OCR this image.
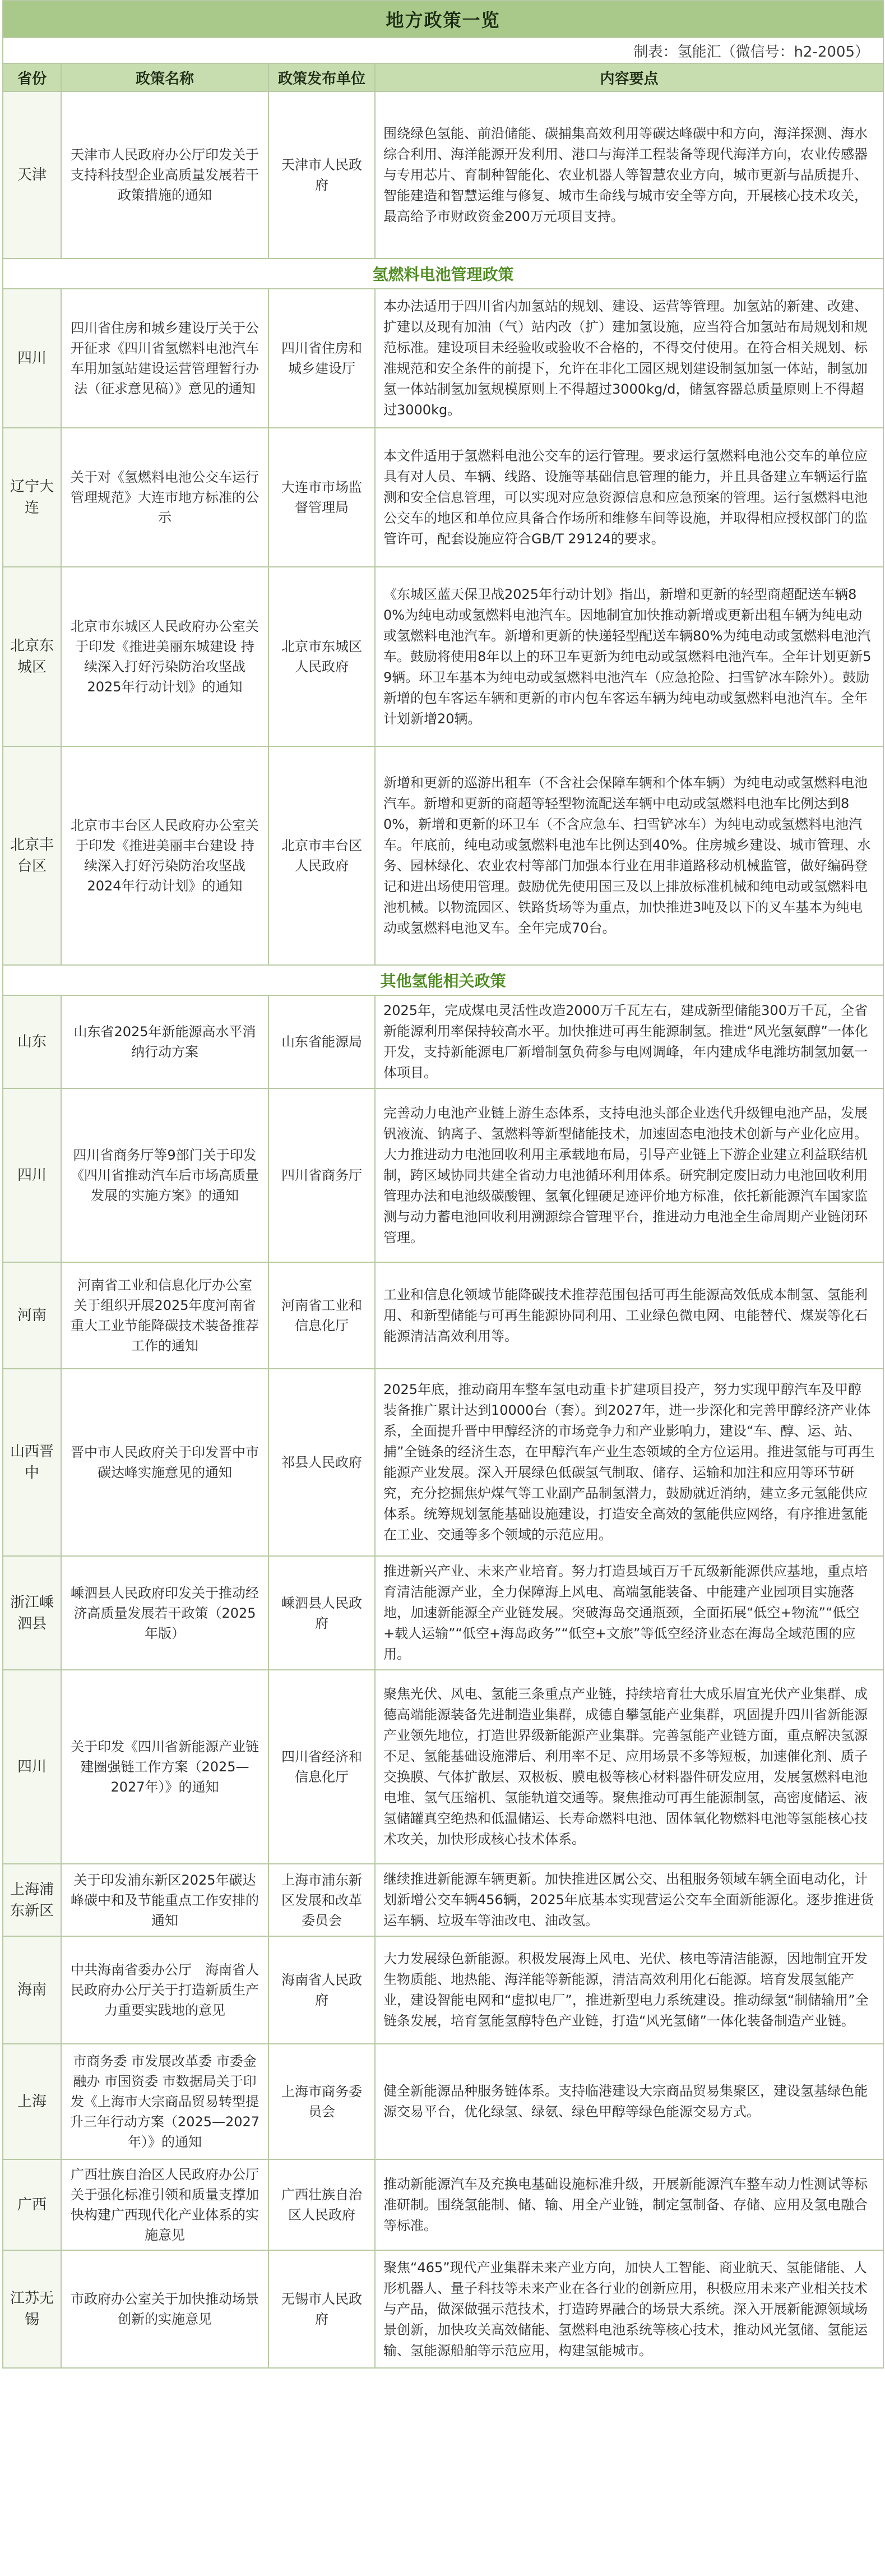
地方政策一览			
制表：氢能汇（微信号：h2-2005）			
省份	政策名称	政策发布单位	内容要点
天津	天津市人民政府办公厅印发关于支持科技型企业高质量发展若干政策措施的通知	天津市人民政府	围绕绿色氢能、前沿储能、碳捕集高效利用等碳达峰碳中和方向，海洋探测、海水综合利用、海洋能源开发利用、港口与海洋工程装备等现代海洋方向，农业传感器与专用芯片、育制种智能化、农业机器人等智慧农业方向，城市更新与品质提升、智能建造和智慧运维与修复、城市生命线与城市安全等方向，开展核心技术攻关，最高给予市财政资金200万元项目支持。
氢燃料电池管理政策			
四川	四川省住房和城乡建设厅关于公开征求《四川省氢燃料电池汽车车用加氢站建设运营管理暂行办法（征求意见稿）》意见的通知	四川省住房和城乡建设厅	本办法适用于四川省内加氢站的规划、建设、运营等管理。加氢站的新建、改建、扩建以及现有加油（气）站内改（扩）建加氢设施，应当符合加氢站布局规划和规范标准。建设项目未经验收或验收不合格的，不得交付使用。在符合相关规划、标准规范和安全条件的前提下，允许在非化工园区规划建设制氢加氢一体站，制氢加氢一体站制氢加氢规模原则上不得超过3000kg/d，储氢容器总质量原则上不得超过3000kg。
辽宁大连	关于对《氢燃料电池公交车运行管理规范》大连市地方标准的公示	大连市市场监督管理局	本文件适用于氢燃料电池公交车的运行管理。要求运行氢燃料电池公交车的单位应具有对人员、车辆、线路、设施等基础信息管理的能力，并且具备建立车辆运行监测和安全信息管理，可以实现对应急资源信息和应急预案的管理。运行氢燃料电池公交车的地区和单位应具备合作场所和维修车间等设施，并取得相应授权部门的监管许可，配套设施应符合GB/T 29124的要求。
北京东城区	北京市东城区人民政府办公室关于印发《推进美丽东城建设 持续深入打好污染防治攻坚战2025年行动计划》的通知	北京市东城区人民政府	《东城区蓝天保卫战2025年行动计划》指出，新增和更新的轻型商超配送车辆80%为纯电动或氢燃料电池汽车。因地制宜加快推动新增或更新出租车辆为纯电动或氢燃料电池汽车。新增和更新的快递轻型配送车辆80%为纯电动或氢燃料电池汽车。鼓励将使用8年以上的环卫车更新为纯电动或氢燃料电池汽车。全年计划更新59辆。环卫车基本为纯电动或氢燃料电池汽车（应急抢险、扫雪铲冰车除外）。鼓励新增的包车客运车辆和更新的市内包车客运车辆为纯电动或氢燃料电池汽车。全年计划新增20辆。
北京丰台区	北京市丰台区人民政府办公室关于印发《推进美丽丰台建设 持续深入打好污染防治攻坚战2024年行动计划》的通知	北京市丰台区人民政府	新增和更新的巡游出租车（不含社会保障车辆和个体车辆）为纯电动或氢燃料电池汽车。新增和更新的商超等轻型物流配送车辆中电动或氢燃料电池车比例达到80%，新增和更新的环卫车（不含应急车、扫雪铲冰车）为纯电动或氢燃料电池汽车。年底前，纯电动或氢燃料电池车比例达到40%。住房城乡建设、城市管理、水务、园林绿化、农业农村等部门加强本行业在用非道路移动机械监管，做好编码登记和进出场使用管理。鼓励优先使用国三及以上排放标准机械和纯电动或氢燃料电池机械。以物流园区、铁路货场等为重点，加快推进3吨及以下的叉车基本为纯电动或氢燃料电池叉车。全年完成70台。
其他氢能相关政策			
山东	山东省2025年新能源高水平消纳行动方案	山东省能源局	2025年，完成煤电灵活性改造2000万千瓦左右，建成新型储能300万千瓦，全省新能源利用率保持较高水平。加快推进可再生能源制氢。推进“风光氢氨醇”一体化开发，支持新能源电厂新增制氢负荷参与电网调峰，年内建成华电潍坊制氢加氨一体项目。
四川	四川省商务厅等9部门关于印发《四川省推动汽车后市场高质量发展的实施方案》的通知	四川省商务厅	完善动力电池产业链上游生态体系，支持电池头部企业迭代升级锂电池产品，发展钒液流、钠离子、氢燃料等新型储能技术，加速固态电池技术创新与产业化应用。大力推进动力电池回收利用主承载地布局，引导产业链上下游企业建立利益联结机制，跨区域协同共建全省动力电池循环利用体系。研究制定废旧动力电池回收利用管理办法和电池级碳酸锂、氢氧化锂硬足迹评价地方标准，依托新能源汽车国家监测与动力蓄电池回收利用溯源综合管理平台，推进动力电池全生命周期产业链闭环管理。
河南	河南省工业和信息化厅办公室 关于组织开展2025年度河南省重大工业节能降碳技术装备推荐工作的通知	河南省工业和信息化厅	工业和信息化领域节能降碳技术推荐范围包括可再生能源高效低成本制氢、氢能利用、和新型储能与可再生能源协同利用、工业绿色微电网、电能替代、煤炭等化石能源清洁高效利用等。
山西晋中	晋中市人民政府关于印发晋中市碳达峰实施意见的通知	祁县人民政府	2025年底，推动商用车整车氢电动重卡扩建项目投产，努力实现甲醇汽车及甲醇装备推广累计达到10000台（套）。到2027年，进一步深化和完善甲醇经济产业体系，全面提升晋中甲醇经济的市场竞争力和产业影响力，建设“车、醇、运、站、捕”全链条的经济生态，在甲醇汽车产业生态领域的全方位运用。推进氢能与可再生能源产业发展。深入开展绿色低碳氢气制取、储存、运输和加注和应用等环节研究，充分挖掘焦炉煤气等工业副产品制氢潜力，鼓励就近消纳，建立多元氢能供应体系。统筹规划氢能基础设施建设，打造安全高效的氢能供应网络，有序推进氢能在工业、交通等多个领域的示范应用。
浙江嵊泗县	嵊泗县人民政府印发关于推动经济高质量发展若干政策（2025年版）	嵊泗县人民政府	推进新兴产业、未来产业培育。努力打造县域百万千瓦级新能源供应基地，重点培育清洁能源产业，全力保障海上风电、高端氢能装备、中能建产业园项目实施落地，加速新能源全产业链发展。突破海岛交通瓶颈，全面拓展“低空+物流”“低空+载人运输”“低空+海岛政务”“低空+文旅”等低空经济业态在海岛全域范围的应用。
四川	关于印发《四川省新能源产业链建圈强链工作方案（2025—2027年）》的通知	四川省经济和信息化厅	聚焦光伏、风电、氢能三条重点产业链，持续培育壮大成乐眉宜光伏产业集群、成德高端能源装备先进制造业集群，成德自攀氢能产业集群，巩固提升四川省新能源产业领先地位，打造世界级新能源产业集群。完善氢能产业链方面，重点解决氢源不足、氢能基础设施滞后、利用率不足、应用场景不多等短板，加速催化剂、质子交换膜、气体扩散层、双极板、膜电极等核心材料器件研发应用，发展氢燃料电池电堆、氢气压缩机、氢能轨道交通等。聚焦推动可再生能源制氢，高密度储运、液氢储罐真空绝热和低温储运、长寿命燃料电池、固体氧化物燃料电池等氢能核心技术攻关，加快形成核心技术体系。
上海浦东新区	关于印发浦东新区2025年碳达峰碳中和及节能重点工作安排的通知	上海市浦东新区发展和改革委员会	继续推进新能源车辆更新。加快推进区属公交、出租服务领域车辆全面电动化，计划新增公交车辆456辆，2025年底基本实现营运公交车全面新能源化。逐步推进货运车辆、垃圾车等油改电、油改氢。
海南	中共海南省委办公厅　海南省人民政府办公厅关于打造新质生产力重要实践地的意见	海南省人民政府	大力发展绿色新能源。积极发展海上风电、光伏、核电等清洁能源，因地制宜开发生物质能、地热能、海洋能等新能源，清洁高效利用化石能源。培育发展氢能产业，建设智能电网和“虚拟电厂”，推进新型电力系统建设。推动绿氢“制储输用”全链条发展，培育氢能氢醇特色产业链，打造“风光氢储”一体化装备制造产业链。
上海	市商务委 市发展改革委 市委金融办 市国资委 市数据局关于印发《上海市大宗商品贸易转型提升三年行动方案（2025—2027年）》的通知	上海市商务委员会	健全新能源品种服务链体系。支持临港建设大宗商品贸易集聚区，建设氢基绿色能源交易平台，优化绿氢、绿氨、绿色甲醇等绿色能源交易方式。
广西	广西壮族自治区人民政府办公厅关于强化标准引领和质量支撑加快构建广西现代化产业体系的实施意见	广西壮族自治区人民政府	推动新能源汽车及充换电基础设施标准升级，开展新能源汽车整车动力性测试等标准研制。围绕氢能制、储、输、用全产业链，制定氢制备、存储、应用及氢电融合等标准。
江苏无锡	市政府办公室关于加快推动场景创新的实施意见	无锡市人民政府	聚焦“465”现代产业集群未来产业方向，加快人工智能、商业航天、氢能储能、人形机器人、量子科技等未来产业在各行业的创新应用，积极应用未来产业相关技术与产品，做深做强示范技术，打造跨界融合的场景大系统。深入开展新能源领域场景创新，加快攻关高效储能、氢燃料电池系统等核心技术，推动风光氢储、氢能运输、氢能源船舶等示范应用，构建氢能城市。
